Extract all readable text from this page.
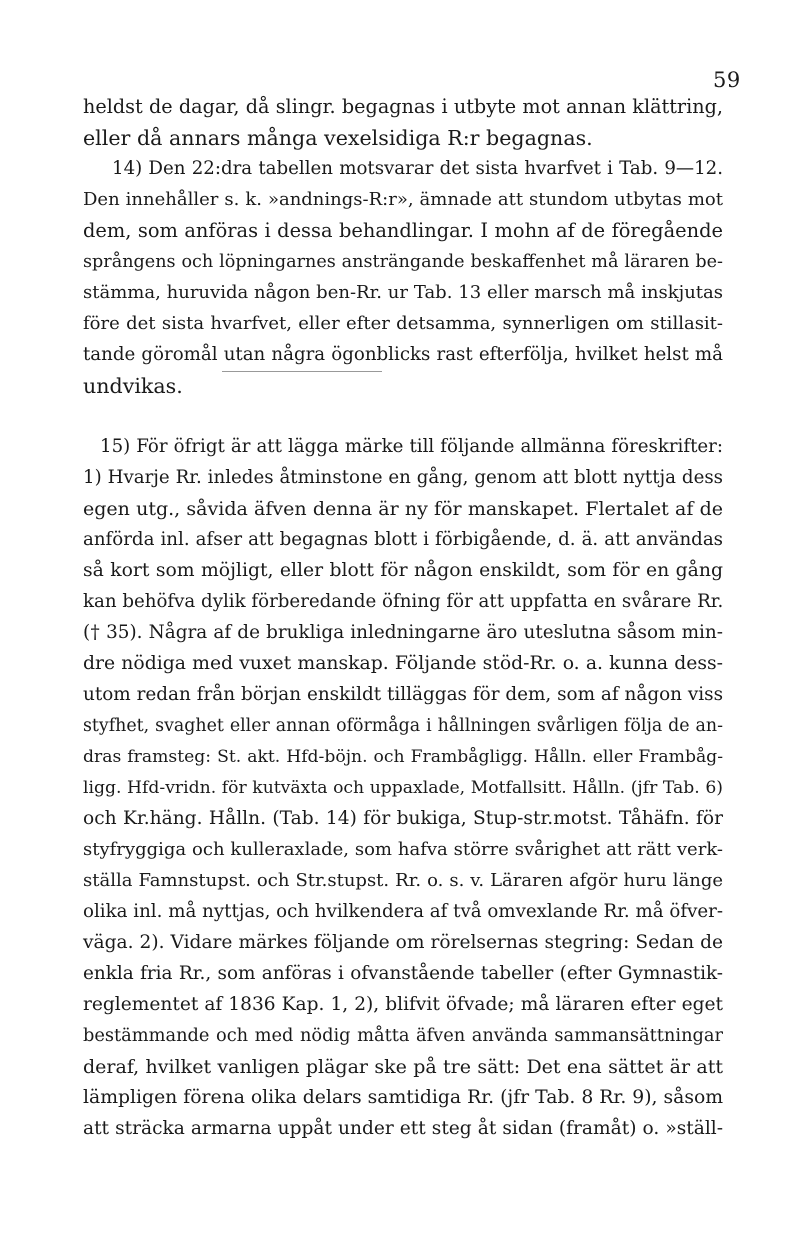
59
heldst de dagar, då slingr. begagnas i utbyte mot annan klättring,
eller då annars många vexelsidiga R:r begagnas.
14) Den 22:dra tabellen motsvarar det sista hvarfvet i Tab. 9—12.
Den innehåller s. k. »andnings-R:r», ämnade att stundom utbytas mot
dem, som anföras i dessa behandlingar. I mohn af de föregående
språngens och löpningarnes ansträngande beskaffenhet må läraren be-
stämma, huruvida någon ben-Rr. ur Tab. 13 eller marsch må inskjutas
före det sista hvarfvet, eller efter detsamma, synnerligen om stillasit-
tande göromål utan några ögonblicks rast efterfölja, hvilket helst må
undvikas.
15) För öfrigt är att lägga märke till följande allmänna föreskrifter:
1) Hvarje Rr. inledes åtminstone en gång, genom att blott nyttja dess
egen utg., såvida äfven denna är ny för manskapet. Flertalet af de
anförda inl. afser att begagnas blott i förbigående, d. ä. att användas
så kort som möjligt, eller blott för någon enskildt, som för en gång
kan behöfva dylik förberedande öfning för att uppfatta en svårare Rr.
(† 35). Några af de brukliga inledningarne äro uteslutna såsom min-
dre nödiga med vuxet manskap. Följande stöd-Rr. o. a. kunna dess-
utom redan från början enskildt tilläggas för dem, som af någon viss
styfhet, svaghet eller annan oförmåga i hållningen svårligen följa de an-
dras framsteg: St. akt. Hfd-böjn. och Frambågligg. Hålln. eller Frambåg-
ligg. Hfd-vridn. för kutväxta och uppaxlade, Motfallsitt. Hålln. (jfr Tab. 6)
och Kr.häng. Hålln. (Tab. 14) för bukiga, Stup-str.motst. Tåhäfn. för
styfryggiga och kulleraxlade, som hafva större svårighet att rätt verk-
ställa Famnstupst. och Str.stupst. Rr. o. s. v. Läraren afgör huru länge
olika inl. må nyttjas, och hvilkendera af två omvexlande Rr. må öfver-
väga. 2). Vidare märkes följande om rörelsernas stegring: Sedan de
enkla fria Rr., som anföras i ofvanstående tabeller (efter Gymnastik-
reglementet af 1836 Kap. 1, 2), blifvit öfvade; må läraren efter eget
bestämmande och med nödig måtta äfven använda sammansättningar
deraf, hvilket vanligen plägar ske på tre sätt: Det ena sättet är att
lämpligen förena olika delars samtidiga Rr. (jfr Tab. 8 Rr. 9), såsom
att sträcka armarna uppåt under ett steg åt sidan (framåt) o. »ställ-
